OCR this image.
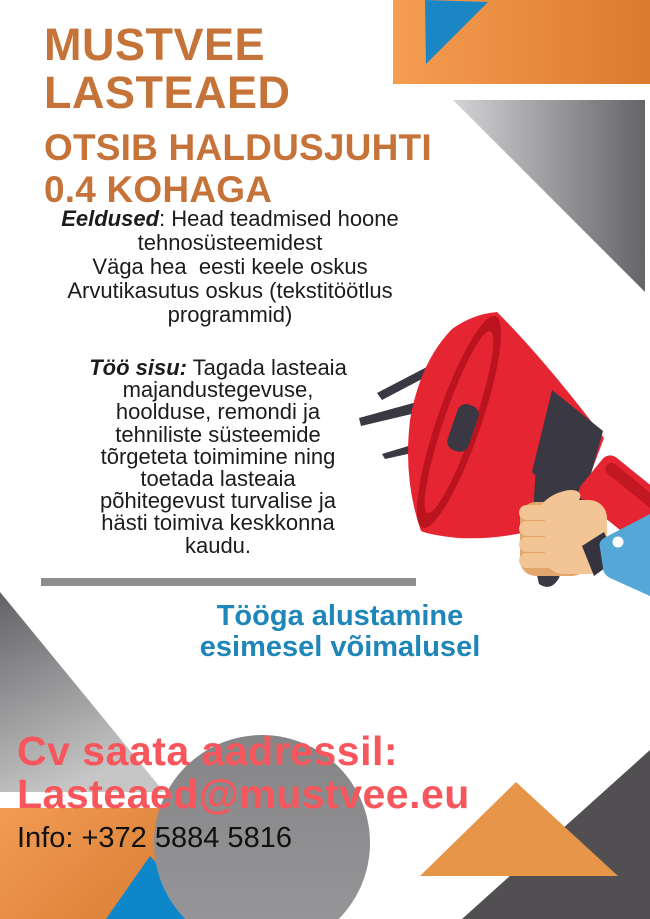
MUSTVEE
LASTEAED
OTSIB HALDUSJUHTI
0.4 KOHAGA
Eeldused: Head teadmised hoone
tehnosüsteemidest
Väga hea  eesti keele oskus
Arvutikasutus oskus (tekstitöötlus
programmid)
Töö sisu: Tagada lasteaia
majandustegevuse,
hoolduse, remondi ja
tehniliste süsteemide
tõrgeteta toimimine ning
toetada lasteaia
põhitegevust turvalise ja
hästi toimiva keskkonna
kaudu.
Tööga alustamine
esimesel võimalusel
Cv saata aadressil:
Lasteaed@mustvee.eu
Info: +372 5884 5816
